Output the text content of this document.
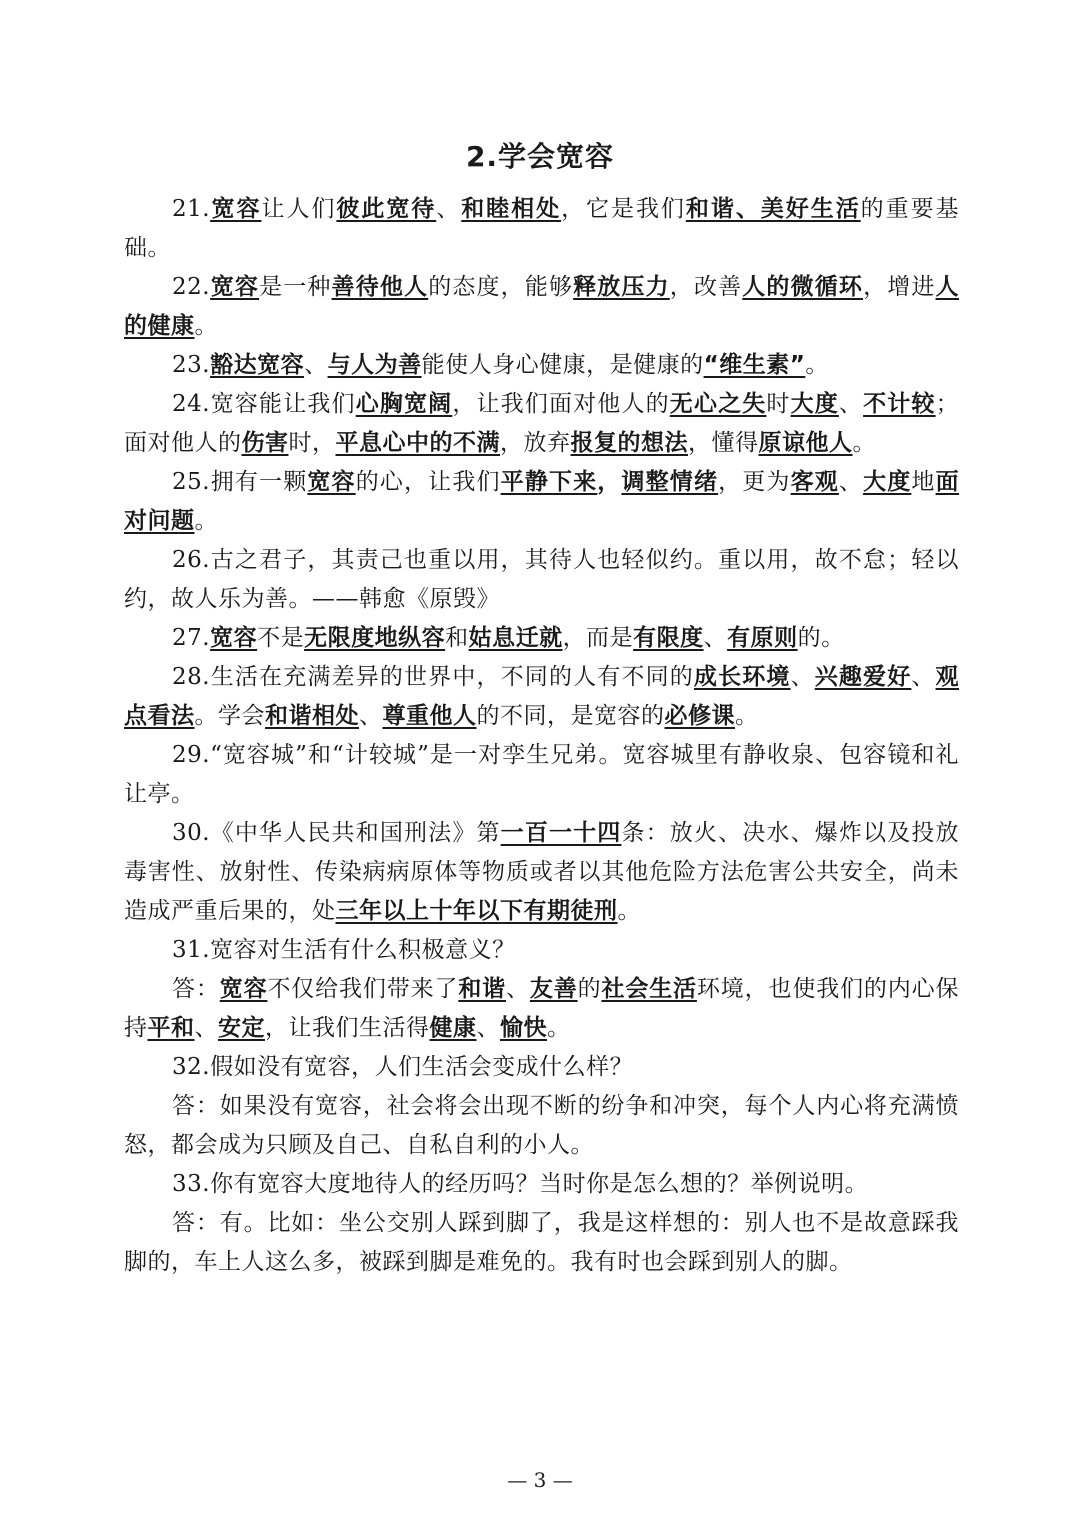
2.学会宽容

21.宽容让人们彼此宽待、和睦相处，它是我们和谐、美好生活的重要基础。

22.宽容是一种善待他人的态度，能够释放压力，改善人的微循环，增进人的健康。

23.豁达宽容、与人为善能使人身心健康，是健康的“维生素”。

24.宽容能让我们心胸宽阔，让我们面对他人的无心之失时大度、不计较；面对他人的伤害时，平息心中的不满，放弃报复的想法，懂得原谅他人。

25.拥有一颗宽容的心，让我们平静下来，调整情绪，更为客观、大度地面对问题。

26.古之君子，其责己也重以用，其待人也轻似约。重以用，故不怠；轻以约，故人乐为善。——韩愈《原毁》

27.宽容不是无限度地纵容和姑息迁就，而是有限度、有原则的。

28.生活在充满差异的世界中，不同的人有不同的成长环境、兴趣爱好、观点看法。学会和谐相处、尊重他人的不同，是宽容的必修课。

29.“宽容城”和“计较城”是一对孪生兄弟。宽容城里有静收泉、包容镜和礼让亭。

30.《中华人民共和国刑法》第一百一十四条：放火、决水、爆炸以及投放毒害性、放射性、传染病病原体等物质或者以其他危险方法危害公共安全，尚未造成严重后果的，处三年以上十年以下有期徒刑。

31.宽容对生活有什么积极意义？

答：宽容不仅给我们带来了和谐、友善的社会生活环境，也使我们的内心保持平和、安定，让我们生活得健康、愉快。

32.假如没有宽容，人们生活会变成什么样？

答：如果没有宽容，社会将会出现不断的纷争和冲突，每个人内心将充满愤怒，都会成为只顾及自己、自私自利的小人。

33.你有宽容大度地待人的经历吗？当时你是怎么想的？举例说明。

答：有。比如：坐公交别人踩到脚了，我是这样想的：别人也不是故意踩我脚的，车上人这么多，被踩到脚是难免的。我有时也会踩到别人的脚。

— 3 —
